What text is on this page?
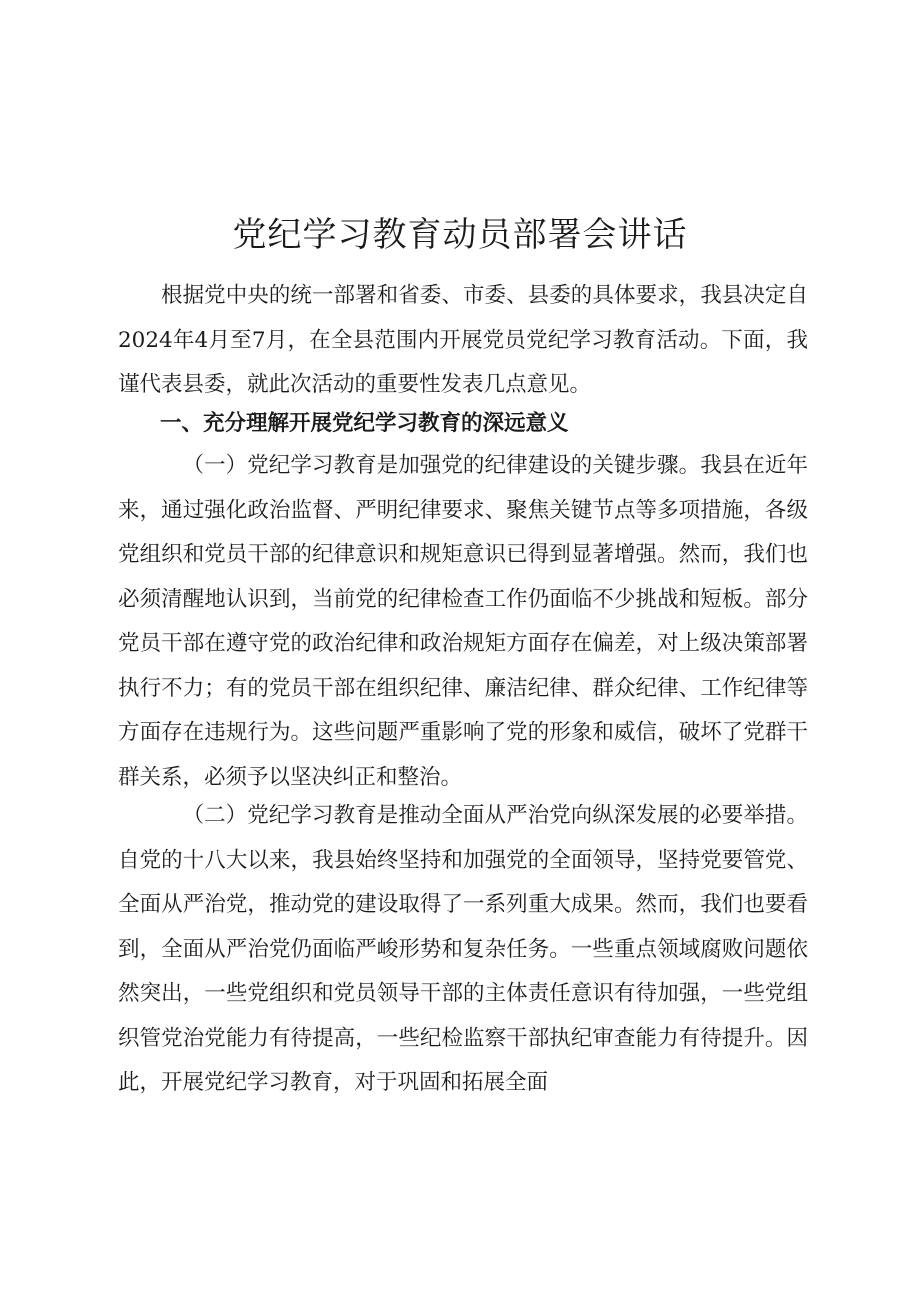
党纪学习教育动员部署会讲话

根据党中央的统一部署和省委、市委、县委的具体要求，我县决定自2024年4月至7月，在全县范围内开展党员党纪学习教育活动。下面，我谨代表县委，就此次活动的重要性发表几点意见。

一、充分理解开展党纪学习教育的深远意义

（一）党纪学习教育是加强党的纪律建设的关键步骤。我县在近年来，通过强化政治监督、严明纪律要求、聚焦关键节点等多项措施，各级党组织和党员干部的纪律意识和规矩意识已得到显著增强。然而，我们也必须清醒地认识到，当前党的纪律检查工作仍面临不少挑战和短板。部分党员干部在遵守党的政治纪律和政治规矩方面存在偏差，对上级决策部署执行不力；有的党员干部在组织纪律、廉洁纪律、群众纪律、工作纪律等方面存在违规行为。这些问题严重影响了党的形象和威信，破坏了党群干群关系，必须予以坚决纠正和整治。

（二）党纪学习教育是推动全面从严治党向纵深发展的必要举措。自党的十八大以来，我县始终坚持和加强党的全面领导，坚持党要管党、全面从严治党，推动党的建设取得了一系列重大成果。然而，我们也要看到，全面从严治党仍面临严峻形势和复杂任务。一些重点领域腐败问题依然突出，一些党组织和党员领导干部的主体责任意识有待加强，一些党组织管党治党能力有待提高，一些纪检监察干部执纪审查能力有待提升。因此，开展党纪学习教育，对于巩固和拓展全面
